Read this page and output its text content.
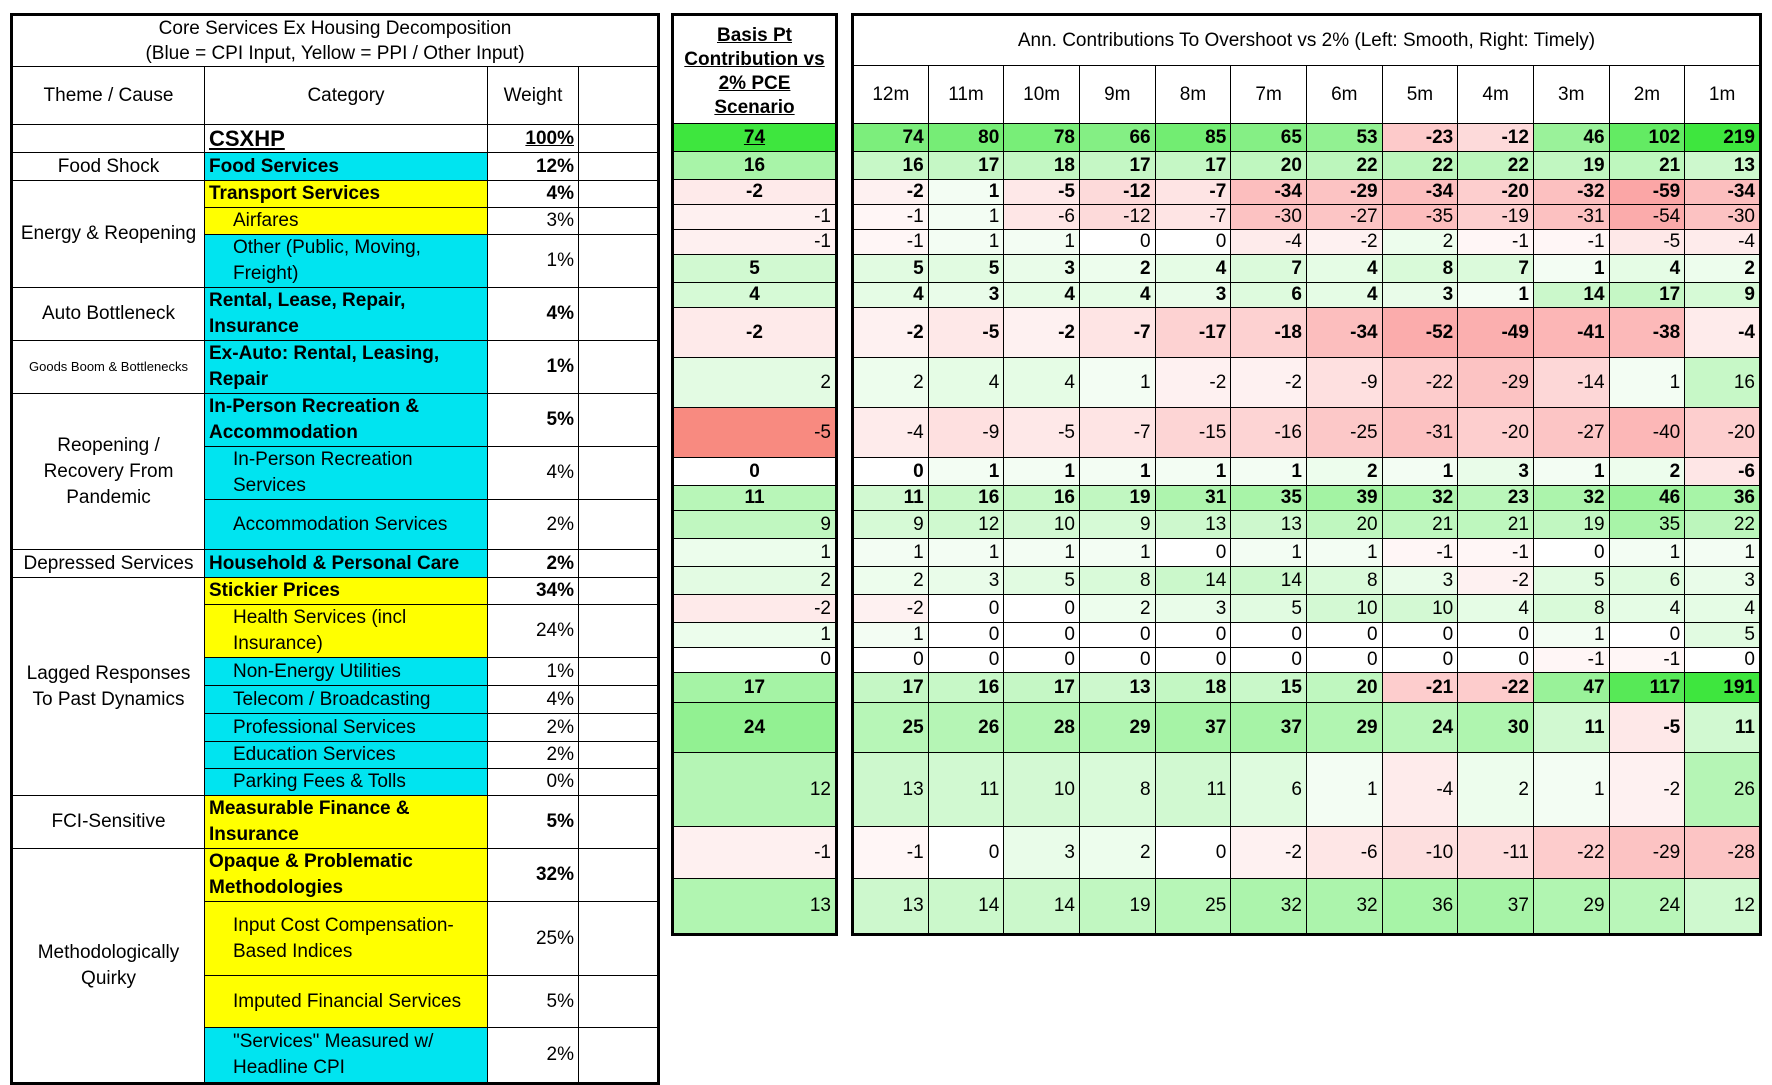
Core Services Ex Housing Decomposition
(Blue = CPI Input, Yellow = PPI / Other Input)			

Theme / Cause	Category	Weight	
	CSXHP	100%	
Food Shock	Food Services	12%	
Energy & Reopening	Transport Services	4%	
	Airfares	3%	
	Other (Public, Moving, Freight)	1%	
Auto Bottleneck	Rental, Lease, Repair, Insurance	4%	
Goods Boom & Bottlenecks	Ex-Auto: Rental, Leasing, Repair	1%	
Reopening / Recovery From Pandemic	In-Person Recreation & Accommodation	5%	
	In-Person Recreation Services	4%	
	Accommodation Services	2%	
Depressed Services	Household & Personal Care	2%	
Lagged Responses To Past Dynamics	Stickier Prices	34%	
	Health Services (incl Insurance)	24%	
	Non-Energy Utilities	1%	
	Telecom / Broadcasting	4%	
	Professional Services	2%	
	Education Services	2%	
	Parking Fees & Tolls	0%	
FCI-Sensitive	Measurable Finance & Insurance	5%	
Methodologically Quirky	Opaque & Problematic Methodologies	32%	
	Input Cost Compensation-Based Indices	25%	
	Imputed Financial Services	5%	
	"Services" Measured w/ Headline CPI	2%	
Basis Pt Contribution vs 2% PCE Scenario
74
16
-2
-1
-1
5
4
-2
2
-5
0
11
9
1
2
-2
1
0
17
24
12
-1
13
Ann. Contributions To Overshoot vs 2% (Left: Smooth, Right: Timely)											
12m	11m	10m	9m	8m	7m	6m	5m	4m	3m	2m	1m
74	80	78	66	85	65	53	-23	-12	46	102	219
16	17	18	17	17	20	22	22	22	19	21	13
-2	1	-5	-12	-7	-34	-29	-34	-20	-32	-59	-34
-1	1	-6	-12	-7	-30	-27	-35	-19	-31	-54	-30
-1	1	1	0	0	-4	-2	2	-1	-1	-5	-4
5	5	3	2	4	7	4	8	7	1	4	2
4	3	4	4	3	6	4	3	1	14	17	9
-2	-5	-2	-7	-17	-18	-34	-52	-49	-41	-38	-4
2	4	4	1	-2	-2	-9	-22	-29	-14	1	16
-4	-9	-5	-7	-15	-16	-25	-31	-20	-27	-40	-20
0	1	1	1	1	1	2	1	3	1	2	-6
11	16	16	19	31	35	39	32	23	32	46	36
9	12	10	9	13	13	20	21	21	19	35	22
1	1	1	1	0	1	1	-1	-1	0	1	1
2	3	5	8	14	14	8	3	-2	5	6	3
-2	0	0	2	3	5	10	10	4	8	4	4
1	0	0	0	0	0	0	0	0	1	0	5
0	0	0	0	0	0	0	0	0	-1	-1	0
17	16	17	13	18	15	20	-21	-22	47	117	191
25	26	28	29	37	37	29	24	30	11	-5	11
13	11	10	8	11	6	1	-4	2	1	-2	26
-1	0	3	2	0	-2	-6	-10	-11	-22	-29	-28
13	14	14	19	25	32	32	36	37	29	24	12
